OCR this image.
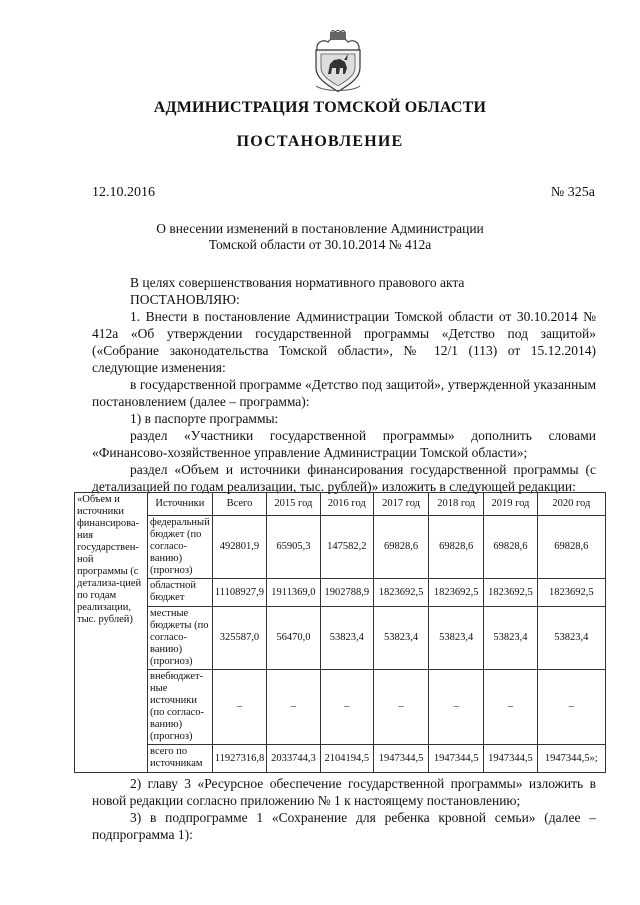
АДМИНИСТРАЦИЯ ТОМСКОЙ ОБЛАСТИ
ПОСТАНОВЛЕНИЕ
12.10.2016	№ 325а
О внесении изменений в постановление Администрации
Томской области от 30.10.2014 № 412а

В целях совершенствования нормативного правового акта

ПОСТАНОВЛЯЮ:

1. Внести в постановление Администрации Томской области от 30.10.2014 № 412а «Об утверждении государственной программы «Детство под защитой» («Собрание законодательства Томской области», № 12/1 (113) от 15.12.2014) следующие изменения:

в государственной программе «Детство под защитой», утвержденной указанным постановлением (далее – программа):

1) в паспорте программы:

раздел «Участники государственной программы» дополнить словами «Финансово-хозяйственное управление Администрации Томской области»;

раздел «Объем и источники финансирования государственной программы (с детализацией по годам реализации, тыс. рублей)» изложить в следующей редакции:

«Объем и источники финансирова-ния государствен-ной программы (с детализа-цией по годам реализации, тыс. рублей)	Источники	Всего	2015 год	2016 год	2017 год	2018 год	2019 год	2020 год
	федеральный бюджет (по согласо-ванию) (прогноз)	492801,9	65905,3	147582,2	69828,6	69828,6	69828,6	69828,6
	областной бюджет	11108927,9	1911369,0	1902788,9	1823692,5	1823692,5	1823692,5	1823692,5
	местные бюджеты (по согласо-ванию) (прогноз)	325587,0	56470,0	53823,4	53823,4	53823,4	53823,4	53823,4
	внебюджет-ные источники (по согласо-ванию) (прогноз)	–	–	–	–	–	–	–
	всего по источникам	11927316,8	2033744,3	2104194,5	1947344,5	1947344,5	1947344,5	1947344,5»;

2) главу 3 «Ресурсное обеспечение государственной программы» изложить в новой редакции согласно приложению № 1 к настоящему постановлению;

3) в подпрограмме 1 «Сохранение для ребенка кровной семьи» (далее – подпрограмма 1):
